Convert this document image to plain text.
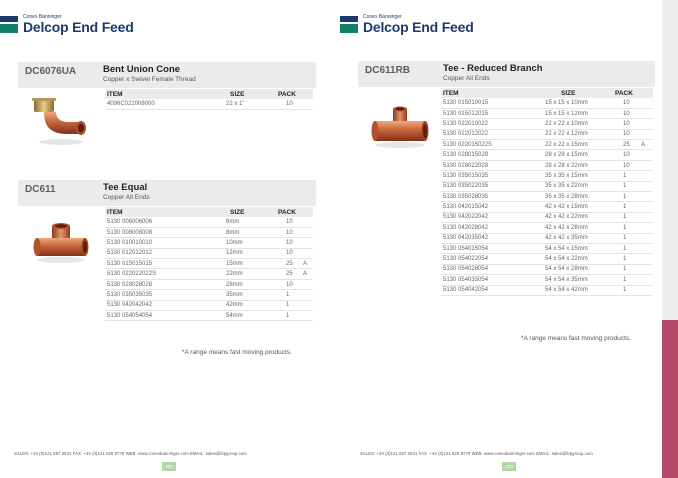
Conex Bänninger
Delcop End Feed
DC6076UA	Bent Union Cone
Copper x Swivel Female Thread
ITEM	SIZE	PACK	
4096C022008000	22 x 1"	10	
DC611	Tee Equal
Copper All Ends
ITEM	SIZE	PACK	
5130 006006006	6mm	10	
5130 008008008	8mm	10	
5130 010010010	10mm	10	
5130 012012012	12mm	10	
5130 015015015	15mm	25	A
5130 022022022S	22mm	25	A
5130 028028028	28mm	10	
5130 035035035	35mm	1	
5130 042042042	42mm	1	
5130 054054054	54mm	1	
*A range means fast moving products.
SALES: +44 (0)121 557 2831 FAX: +44 (0)121 520 8778 WEB: www.conexbanninger.com EMAIL: sales@ibpgroup.com
200
Conex Bänninger
Delcop End Feed
DC611RB	Tee - Reduced Branch
Copper All Ends
ITEM	SIZE	PACK	
5130 015010015	15 x 15 x 10mm	10	
5130 015012015	15 x 15 x 12mm	10	
5130 022010022	22 x 22 x 10mm	10	
5130 022012022	22 x 22 x 12mm	10	
5130 022015022S	22 x 22 x 15mm	25	A
5130 028015028	28 x 28 x 15mm	10	
5130 028022028	28 x 28 x 22mm	10	
5130 035015035	35 x 35 x 15mm	1	
5130 035022035	35 x 35 x 22mm	1	
5130 035028035	35 x 35 x 28mm	1	
5130 042015042	42 x 42 x 15mm	1	
5130 042022042	42 x 42 x 22mm	1	
5130 042028042	42 x 42 x 28mm	1	
5130 042035042	42 x 42 x 35mm	1	
5130 054015054	54 x 54 x 15mm	1	
5130 054022054	54 x 54 x 22mm	1	
5130 054028054	54 x 54 x 28mm	1	
5130 054035054	54 x 54 x 35mm	1	
5130 054042054	54 x 54 x 42mm	1	
*A range means fast moving products.
SALES: +44 (0)121 557 2831 FAX: +44 (0)121 520 8778 WEB: www.conexbanninger.com EMAIL: sales@ibpgroup.com
203
